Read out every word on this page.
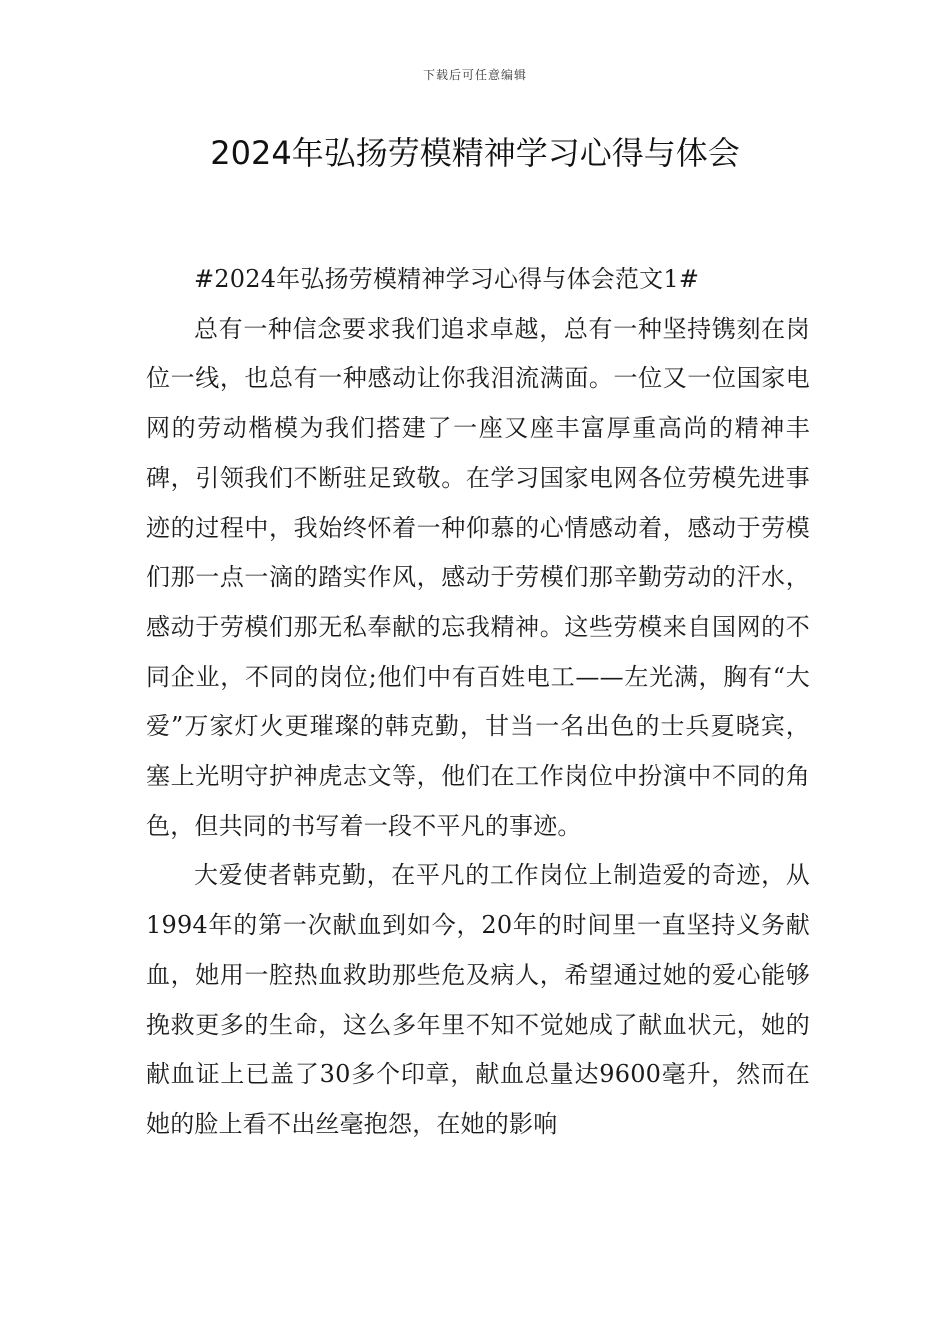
下载后可任意编辑
2024年弘扬劳模精神学习心得与体会

#2024年弘扬劳模精神学习心得与体会范文1#

总有一种信念要求我们追求卓越，总有一种坚持镌刻在岗位一线，也总有一种感动让你我泪流满面。一位又一位国家电网的劳动楷模为我们搭建了一座又座丰富厚重高尚的精神丰碑，引领我们不断驻足致敬。在学习国家电网各位劳模先进事迹的过程中，我始终怀着一种仰慕的心情感动着，感动于劳模们那一点一滴的踏实作风，感动于劳模们那辛勤劳动的汗水，感动于劳模们那无私奉献的忘我精神。这些劳模来自国网的不同企业，不同的岗位;他们中有百姓电工——左光满，胸有“大爱”万家灯火更璀璨的韩克勤，甘当一名出色的士兵夏晓宾，塞上光明守护神虎志文等，他们在工作岗位中扮演中不同的角色，但共同的书写着一段不平凡的事迹。

大爱使者韩克勤，在平凡的工作岗位上制造爱的奇迹，从1994年的第一次献血到如今，20年的时间里一直坚持义务献血，她用一腔热血救助那些危及病人，希望通过她的爱心能够挽救更多的生命，这么多年里不知不觉她成了献血状元，她的献血证上已盖了30多个印章，献血总量达9600毫升，然而在她的脸上看不出丝毫抱怨，在她的影响
